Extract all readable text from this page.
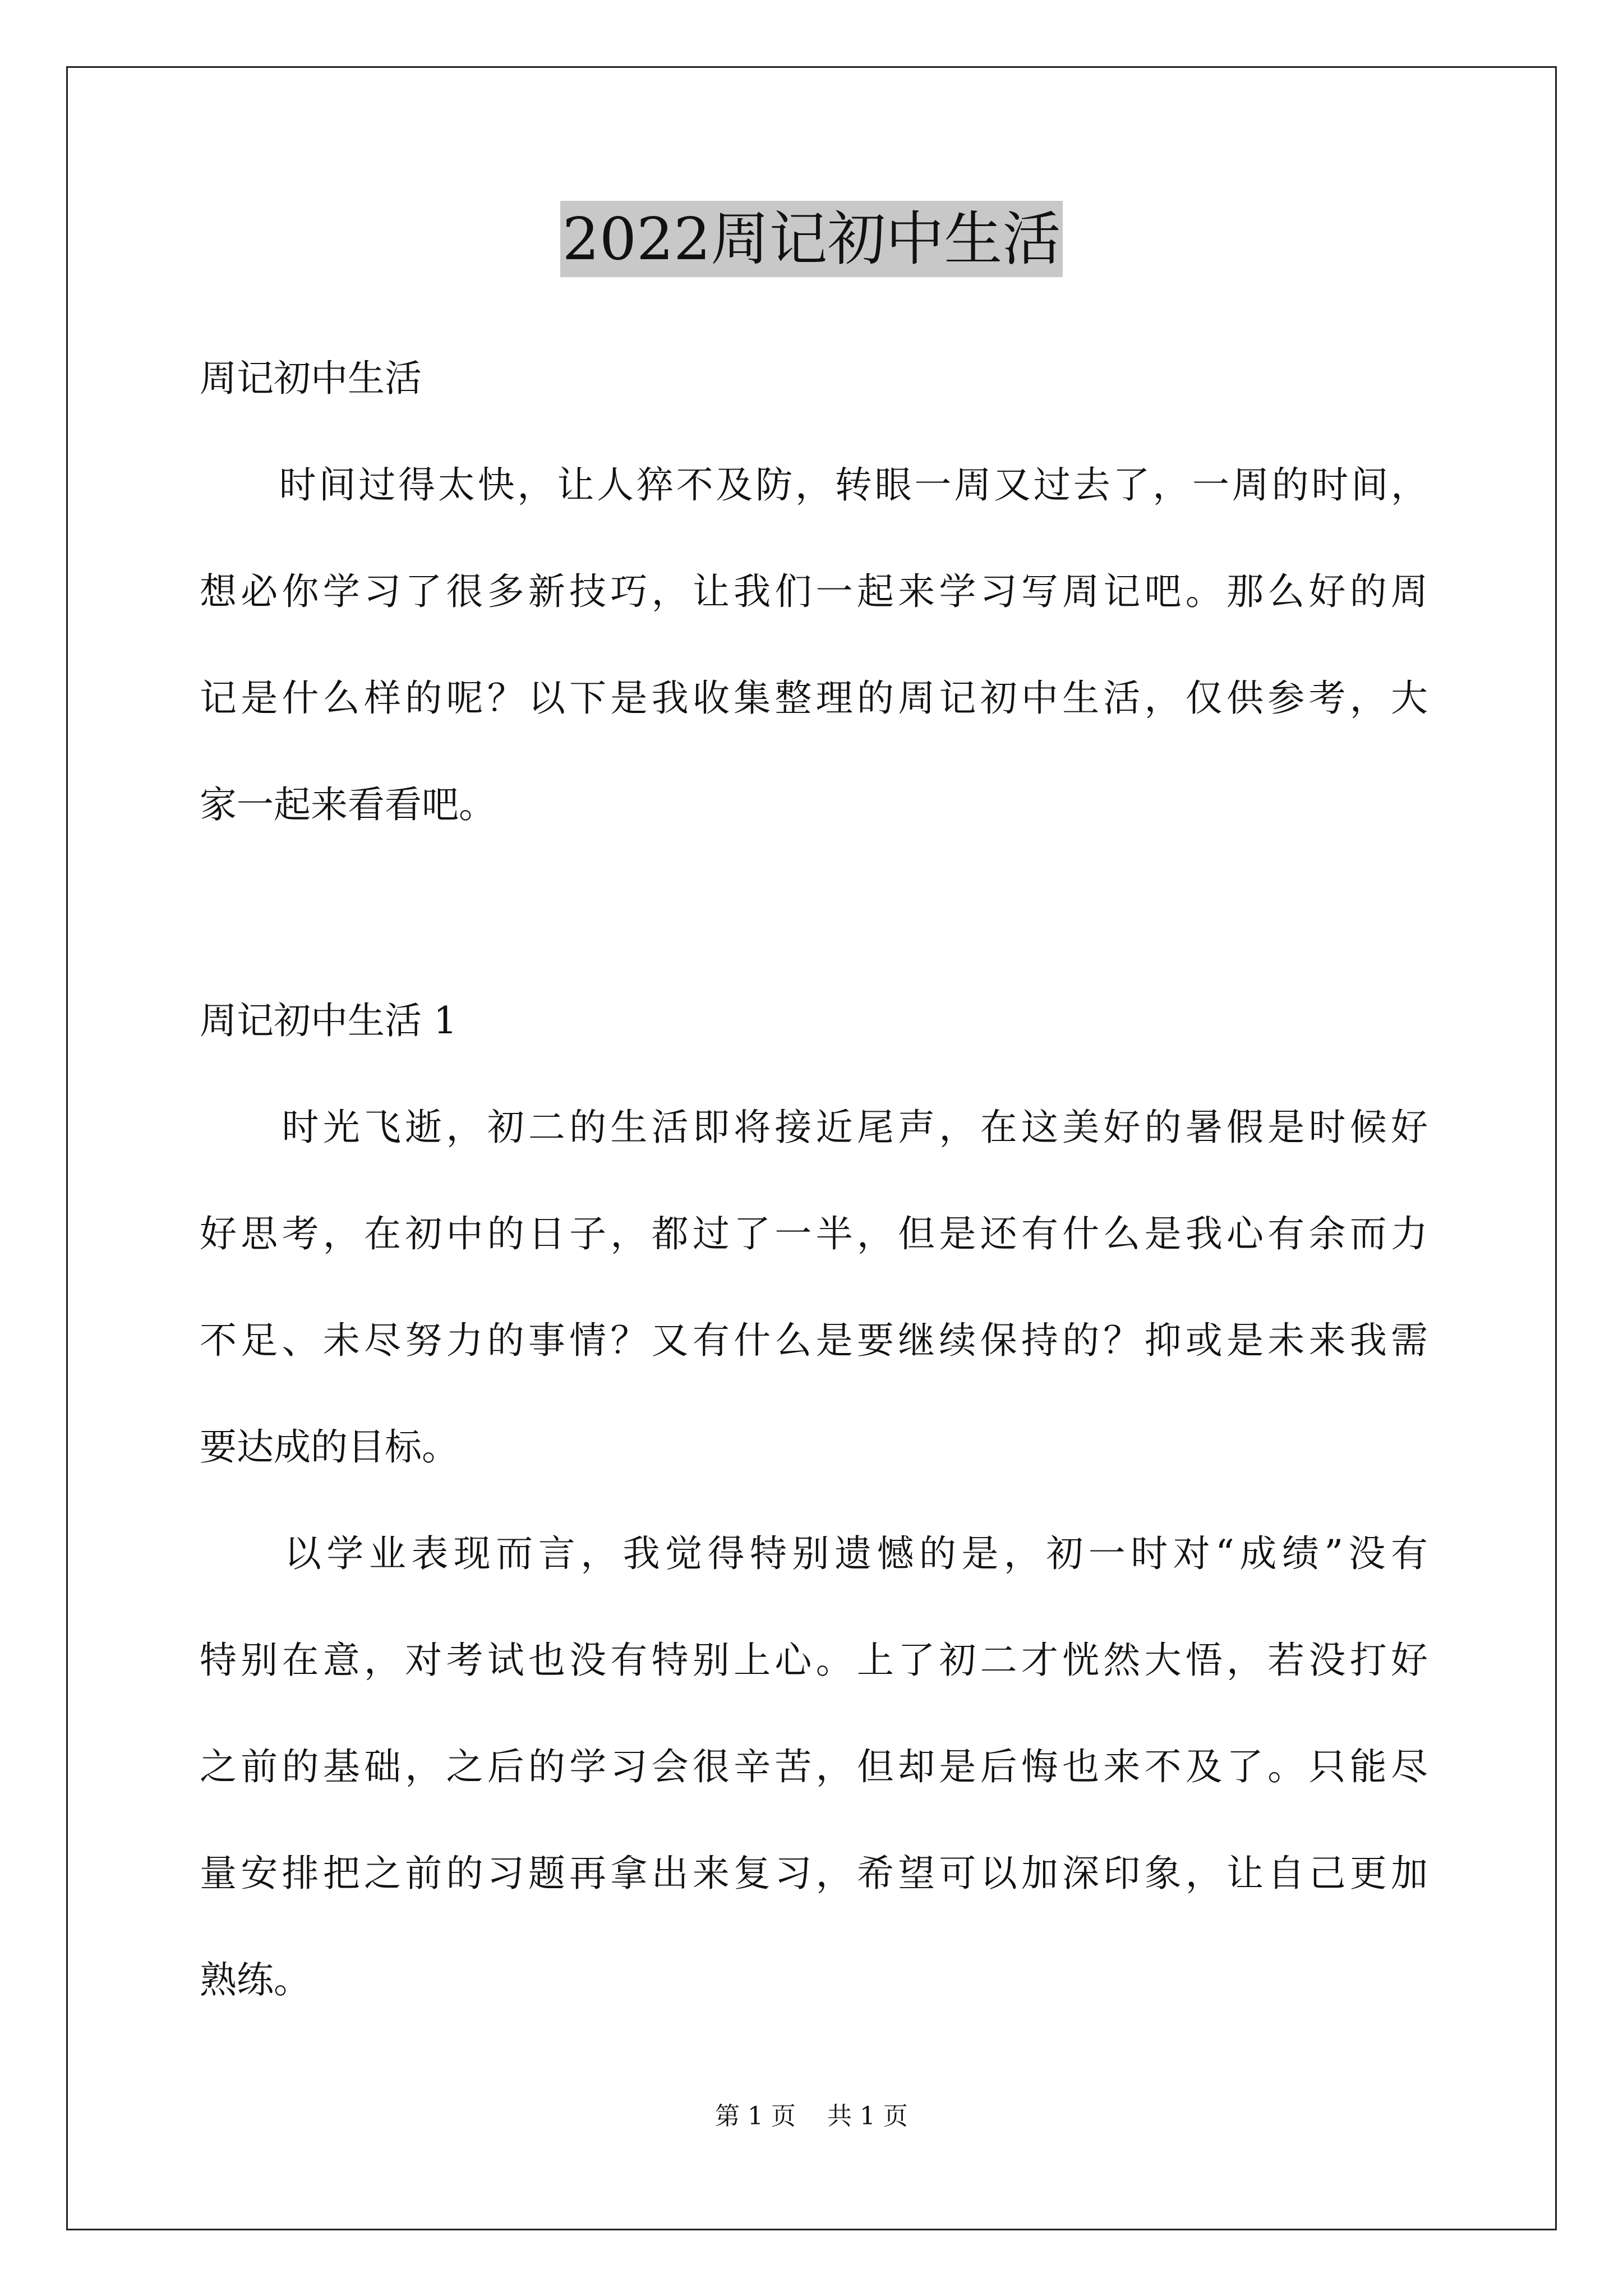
2022周记初中生活
周记初中生活
　　时间过得太快，让人猝不及防，转眼一周又过去了，一周的时间，
想必你学习了很多新技巧，让我们一起来学习写周记吧。那么好的周
记是什么样的呢？以下是我收集整理的周记初中生活，仅供参考，大
家一起来看看吧。
周记初中生活 1
　　时光飞逝，初二的生活即将接近尾声，在这美好的暑假是时候好
好思考，在初中的日子，都过了一半，但是还有什么是我心有余而力
不足、未尽努力的事情？又有什么是要继续保持的？抑或是未来我需
要达成的目标。
　　以学业表现而言，我觉得特别遗憾的是，初一时对“成绩”没有
特别在意，对考试也没有特别上心。上了初二才恍然大悟，若没打好
之前的基础，之后的学习会很辛苦，但却是后悔也来不及了。只能尽
量安排把之前的习题再拿出来复习，希望可以加深印象，让自己更加
熟练。
第 1 页 共 1 页
